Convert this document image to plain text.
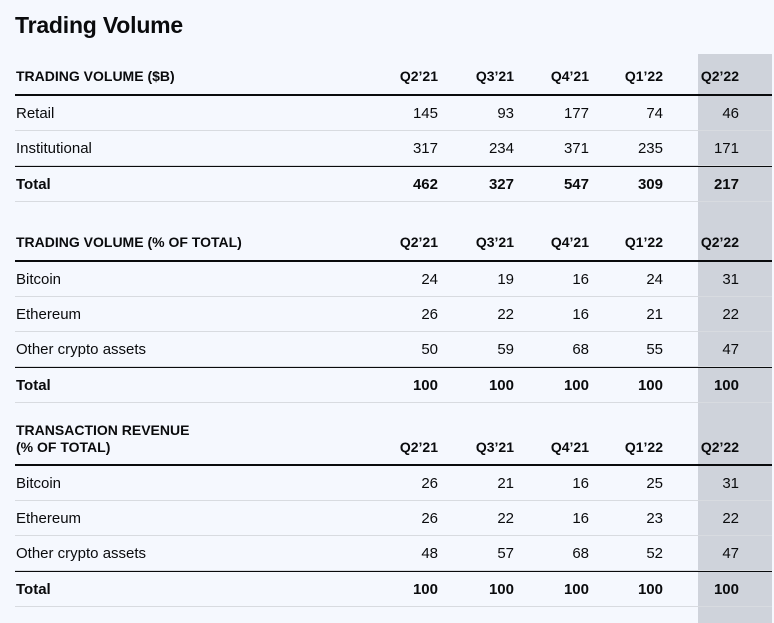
Trading Volume
TRADING VOLUME ($B)	Q2’21	Q3’21	Q4’21	Q1’22	Q2’22
Retail	145	93	177	74	46
Institutional	317	234	371	235	171
Total	462	327	547	309	217
TRADING VOLUME (% OF TOTAL)	Q2’21	Q3’21	Q4’21	Q1’22	Q2’22
Bitcoin	24	19	16	24	31
Ethereum	26	22	16	21	22
Other crypto assets	50	59	68	55	47
Total	100	100	100	100	100
TRANSACTION REVENUE
(% OF TOTAL)	Q2’21	Q3’21	Q4’21	Q1’22	Q2’22
Bitcoin	26	21	16	25	31
Ethereum	26	22	16	23	22
Other crypto assets	48	57	68	52	47
Total	100	100	100	100	100
